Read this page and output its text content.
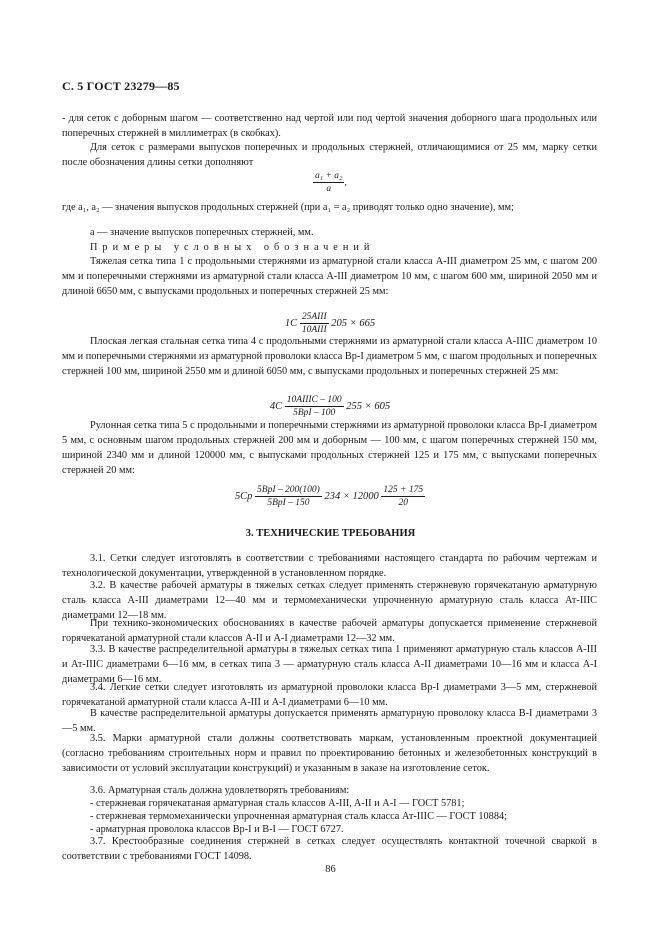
С. 5 ГОСТ 23279—85
- для сеток с доборным шагом — соответственно над чертой или под чертой значения доборного шага продольных или поперечных стержней в миллиметрах (в скобках).
Для сеток с размерами выпусков поперечных и продольных стержней, отличающимися от 25 мм, марку сетки после обозначения длины сетки дополняют
$\frac{\text{a₁ + a₂}}{a}$ ,
где a₁, a₂ — значения выпусков продольных стержней (при a₁ = a₂ приводят только одно значение), мм;
a — значение выпусков поперечных стержней, мм.
Примеры условных обозначений
Тяжелая сетка типа 1 с продольными стержнями из арматурной стали класса A-III диаметром 25 мм, с шагом 200 мм и поперечными стержнями из арматурной стали класса A-III диаметром 10 мм, с шагом 600 мм, шириной 2050 мм и длиной 6650 мм, с выпусками продольных и поперечных стержней 25 мм:
$1С \frac{\text{25AIII}}{\text{10AIII}} 205 \times 665$
Плоская легкая стальная сетка типа 4 с продольными стержнями из арматурной стали класса A-IIIС диаметром 10 мм и поперечными стержнями из арматурной проволоки класса Вр-I диаметром 5 мм, с шагом продольных и поперечных стержней 100 мм, шириной 2550 мм и длиной 6050 мм, с выпусками продольных и поперечных стержней 25 мм:
$4С \frac{\text{10AIIIC – 100}}{\text{5BpI – 100}} 255 \times 605$
Рулонная сетка типа 5 с продольными и поперечными стержнями из арматурной проволоки класса Вр-I диаметром 5 мм, с основным шагом продольных стержней 200 мм и доборным — 100 мм, с шагом поперечных стержней 150 мм, шириной 2340 мм и длиной 120000 мм, с выпусками продольных стержней 125 и 175 мм, с выпусками поперечных стержней 20 мм:
$5Ср \frac{\text{5BpI – 200(100)}}{\text{5BpI – 150}} 234 \times 12000 \frac{125 + 175}{20}$
3. ТЕХНИЧЕСКИЕ ТРЕБОВАНИЯ
3.1. Сетки следует изготовлять в соответствии с требованиями настоящего стандарта по рабочим чертежам и технологической документации, утвержденной в установленном порядке.
3.2. В качестве рабочей арматуры в тяжелых сетках следует применять стержневую горячекатаную арматурную сталь класса A-III диаметрами 12—40 мм и термомеханически упрочненную арматурную сталь класса Ат-IIIС диаметрами 12—18 мм.
При технико-экономических обоснованиях в качестве рабочей арматуры допускается применение стержневой горячекатаной арматурной стали классов A-II и A-I диаметрами 12—32 мм.
3.3. В качестве распределительной арматуры в тяжелых сетках типа 1 применяют арматурную сталь классов A-III и Ат-IIIС диаметрами 6—16 мм, в сетках типа 3 — арматурную сталь класса A-II диаметрами 10—16 мм и класса A-I диаметрами 6—16 мм.
3.4. Легкие сетки следует изготовлять из арматурной проволоки класса Вр-I диаметрами 3—5 мм, стержневой горячекатаной арматурной стали класса A-III и A-I диаметрами 6—10 мм.
В качестве распределительной арматуры допускается применять арматурную проволоку класса В-I диаметрами 3—5 мм.
3.5. Марки арматурной стали должны соответствовать маркам, установленным проектной документацией (согласно требованиям строительных норм и правил по проектированию бетонных и железобетонных конструкций в зависимости от условий эксплуатации конструкций) и указанным в заказе на изготовление сеток.
3.6. Арматурная сталь должна удовлетворять требованиям:
- стержневая горячекатаная арматурная сталь классов A-III, A-II и A-I — ГОСТ 5781;
- стержневая термомеханически упрочненная арматурная сталь класса Ат-IIIС — ГОСТ 10884;
- арматурная проволока классов Вр-I и В-I — ГОСТ 6727.
3.7. Крестообразные соединения стержней в сетках следует осуществлять контактной точечной сваркой в соответствии с требованиями ГОСТ 14098.
86
